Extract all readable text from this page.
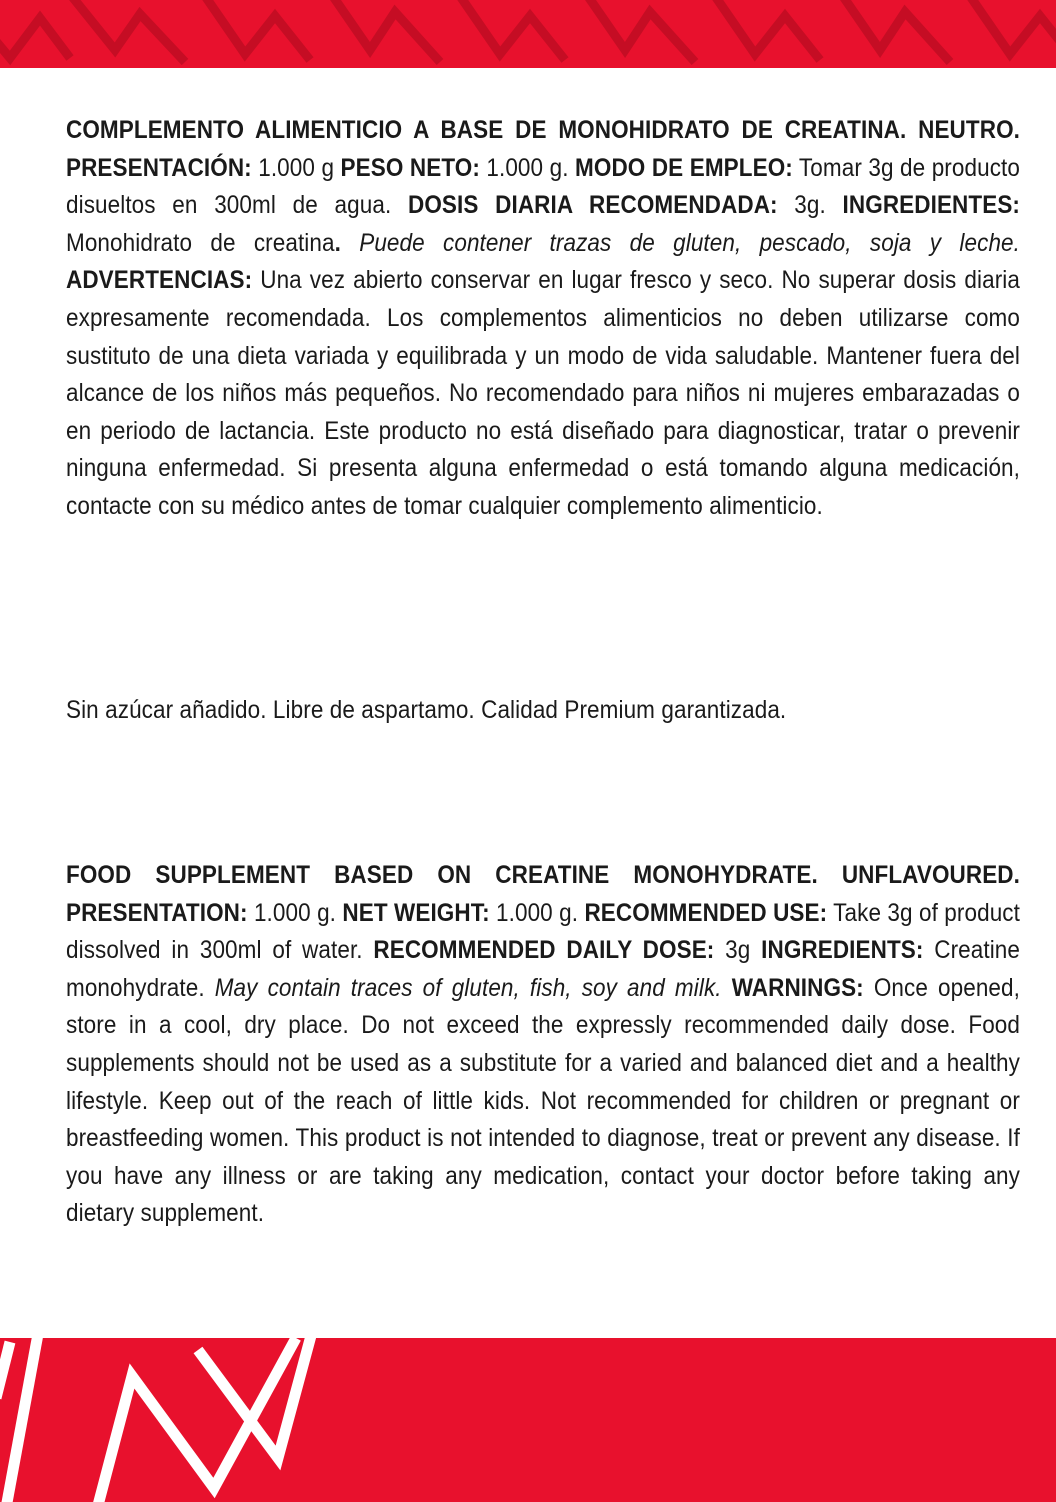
COMPLEMENTO ALIMENTICIO A BASE DE MONOHIDRATO DE CREATINA. NEUTRO. PRESENTACIÓN: 1.000 g PESO NETO: 1.000 g. MODO DE EMPLEO: Tomar 3g de producto disueltos en 300ml de agua. DOSIS DIARIA RECOMENDADA: 3g. INGREDIENTES: Monohidrato de creatina. Puede contener trazas de gluten, pescado, soja y leche. ADVERTENCIAS: Una vez abierto conservar en lugar fresco y seco. No superar dosis diaria expresamente recomendada. Los complementos alimenticios no deben utilizarse como sustituto de una dieta variada y equilibrada y un modo de vida saludable. Mantener fuera del alcance de los niños más pequeños. No recomendado para niños ni mujeres embarazadas o en periodo de lactancia. Este producto no está diseñado para diagnosticar, tratar o prevenir ninguna enfermedad. Si presenta alguna enfermedad o está tomando alguna medicación, contacte con su médico antes de tomar cualquier complemento alimenticio.

Sin azúcar añadido. Libre de aspartamo. Calidad Premium garantizada.

FOOD SUPPLEMENT BASED ON CREATINE MONOHYDRATE. UNFLAVOURED. PRESENTATION: 1.000 g. NET WEIGHT: 1.000 g. RECOMMENDED USE: Take 3g of product dissolved in 300ml of water. RECOMMENDED DAILY DOSE: 3g INGREDIENTS: Creatine monohydrate. May contain traces of gluten, fish, soy and milk. WARNINGS: Once opened, store in a cool, dry place. Do not exceed the expressly recommended daily dose. Food supplements should not be used as a substitute for a varied and balanced diet and a healthy lifestyle. Keep out of the reach of little kids. Not recommended for children or pregnant or breastfeeding women. This product is not intended to diagnose, treat or prevent any disease. If you have any illness or are taking any medication, contact your doctor before taking any dietary supplement.
